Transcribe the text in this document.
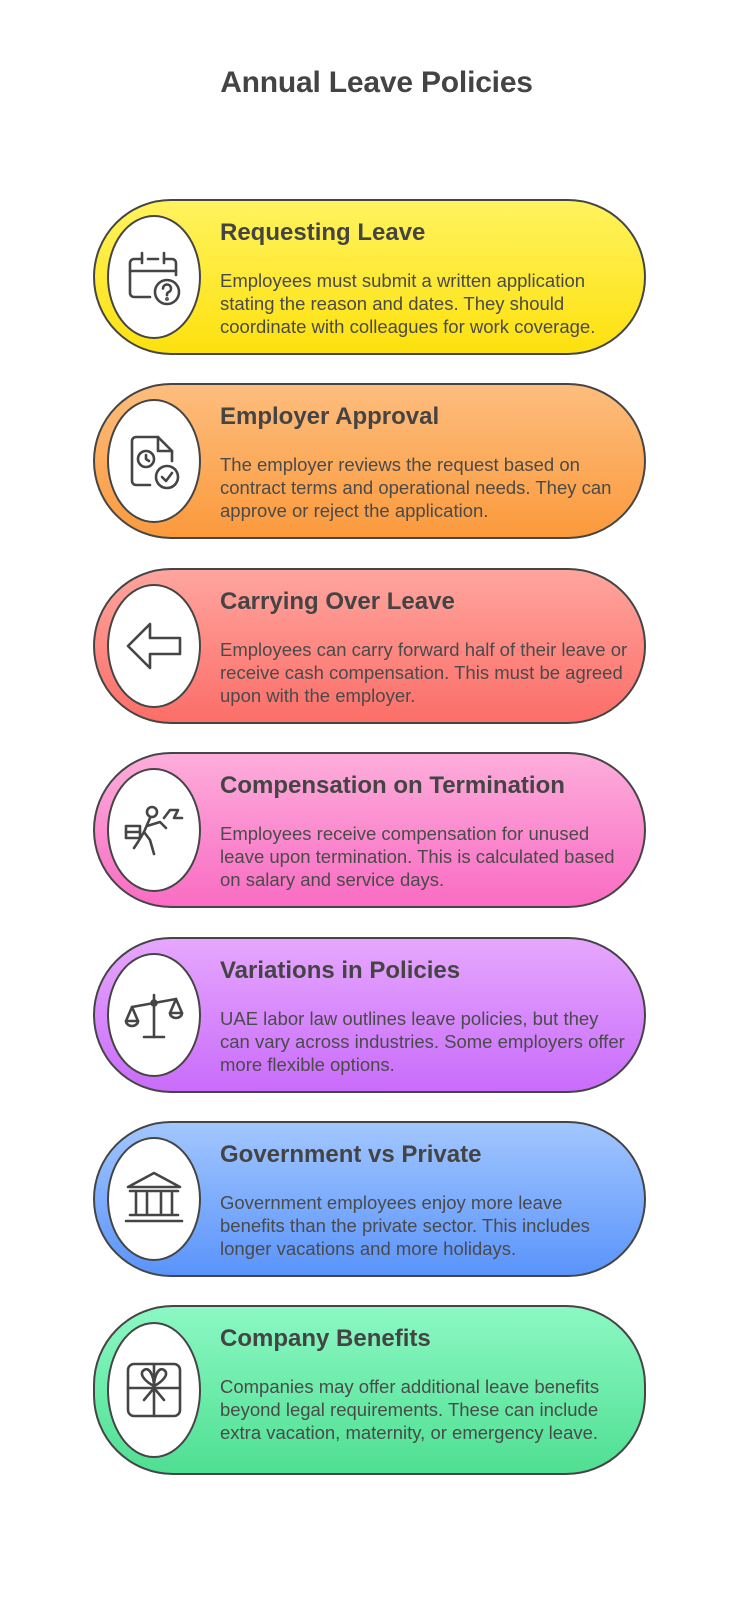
Annual Leave Policies
Requesting Leave

Employees must submit a written application stating the reason and dates. They should coordinate with colleagues for work coverage.

Employer Approval

The employer reviews the request based on contract terms and operational needs. They can approve or reject the application.

Carrying Over Leave

Employees can carry forward half of their leave or receive cash compensation. This must be agreed upon with the employer.

Compensation on Termination

Employees receive compensation for unused leave upon termination. This is calculated based on salary and service days.

Variations in Policies

UAE labor law outlines leave policies, but they can vary across industries. Some employers offer more flexible options.

Government vs Private

Government employees enjoy more leave benefits than the private sector. This includes longer vacations and more holidays.

Company Benefits

Companies may offer additional leave benefits beyond legal requirements. These can include extra vacation, maternity, or emergency leave.
